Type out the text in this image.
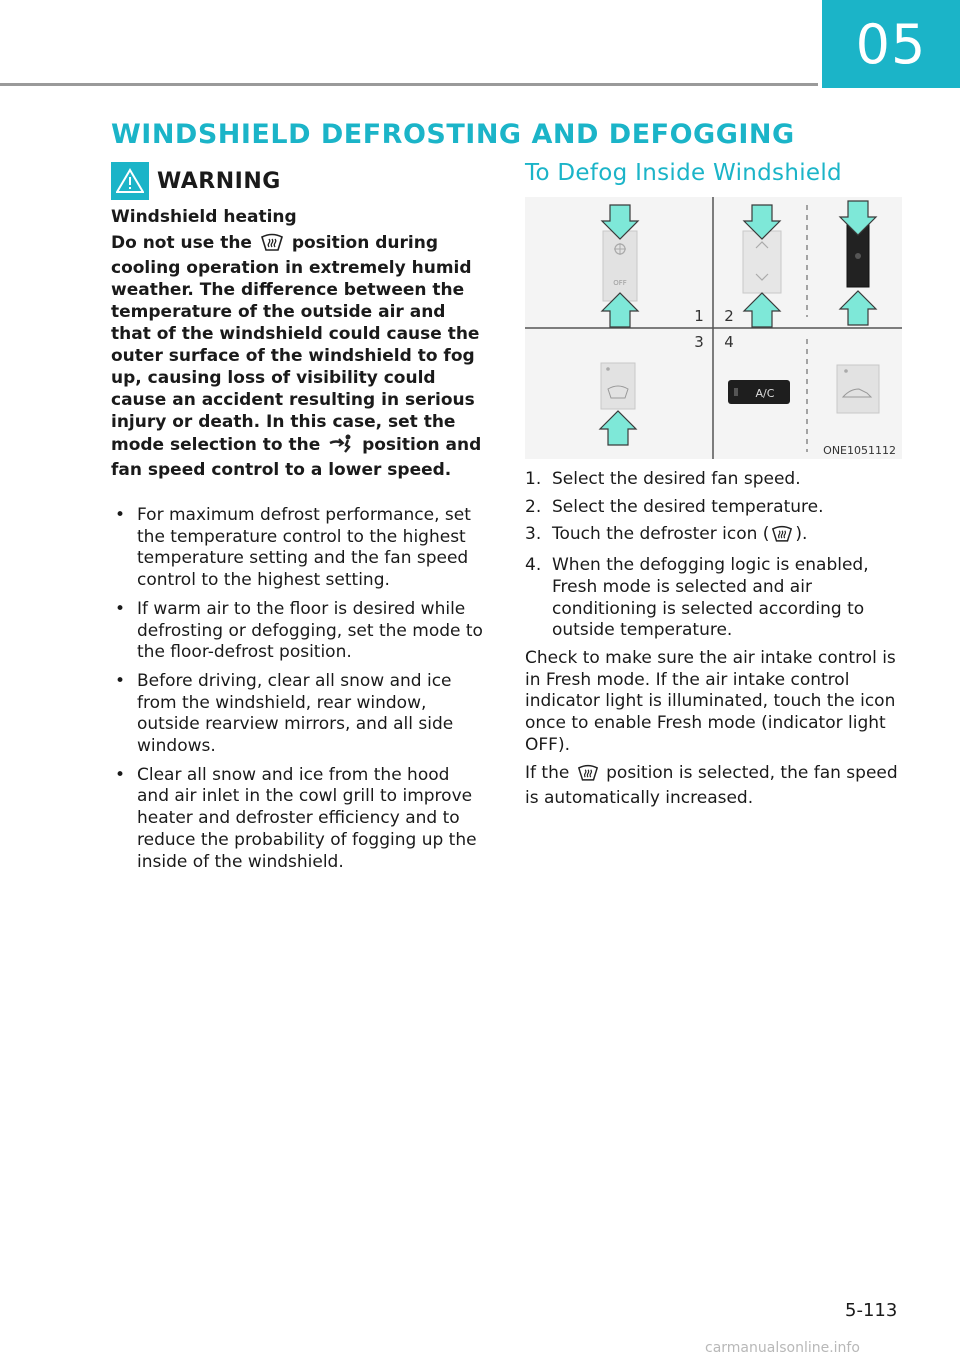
05
WINDSHIELD DEFROSTING AND DEFOGGING
WARNING
Windshield heating
Do not use the position during cooling operation in extremely humid weather. The difference between the temperature of the outside air and that of the windshield could cause the outer surface of the windshield to fog up, causing loss of visibility could cause an accident resulting in serious injury or death. In this case, set the mode selection to the position and fan speed control to a lower speed.
• For maximum defrost performance, set the temperature control to the highest temperature setting and the fan speed control to the highest setting.
• If warm air to the floor is desired while defrosting or defogging, set the mode to the floor-defrost position.
• Before driving, clear all snow and ice from the windshield, rear window, outside rearview mirrors, and all side windows.
• Clear all snow and ice from the hood and air inlet in the cowl grill to improve heater and defroster efficiency and to reduce the probability of fogging up the inside of the windshield.
To Defog Inside Windshield
OFF
1 2
3 4
A/C
ONE1051112
1. Select the desired fan speed.
2. Select the desired temperature.
3. Touch the defroster icon ( ).
4. When the defogging logic is enabled, Fresh mode is selected and air conditioning is selected according to outside temperature.

Check to make sure the air intake control is in Fresh mode. If the air intake control indicator light is illuminated, touch the icon once to enable Fresh mode (indicator light OFF).

If the position is selected, the fan speed is automatically increased.

5-113
carmanualsonline.info
